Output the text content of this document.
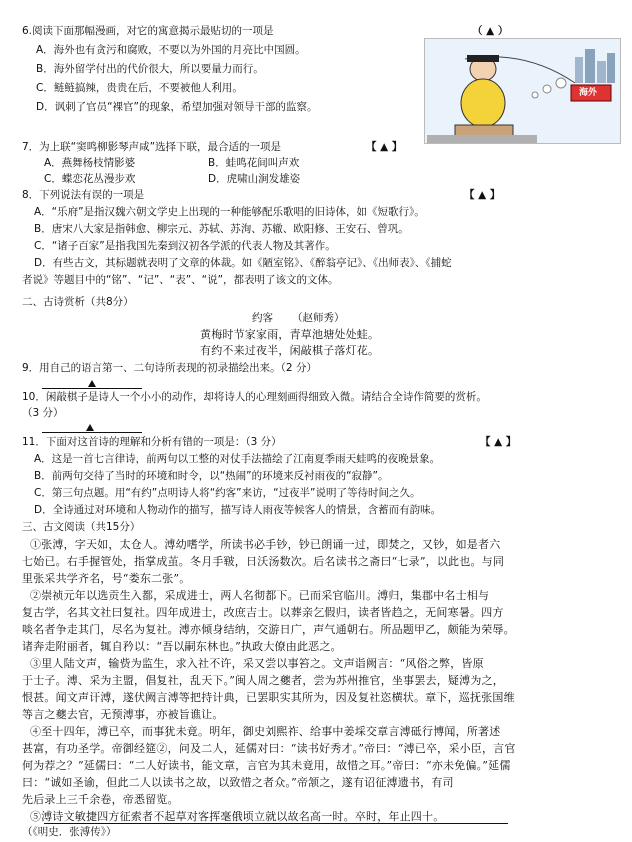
6.阅读下面那幅漫画，对它的寓意揭示最贴切的一项是	（ ▲ ）
A．海外也有贪污和腐败，不要以为外国的月亮比中国圆。
B．海外留学付出的代价很大，所以要量力而行。
C．鲢鲢搞辣，贵贵在后，不要被他人利用。
D．讽刺了官员“裸官”的现象，希望加强对领导干部的监察。
海外
7．为上联“窦鸣柳影琴声咸”选择下联，最合适的一项是	【 ▲ 】
A．燕舞杨枝情影婆	B．蛙鸣花间叫声欢
C．蝶恋花丛漫步欢	D．虎啸山涧发雄姿
8．下列说法有误的一项是	【 ▲ 】
A．“乐府”是指汉魏六朝文学史上出现的一种能够配乐歌唱的旧诗体，如《短歌行》。
B．唐宋八大家是指韩愈、柳宗元、苏轼、苏洵、苏辙、欧阳修、王安石、曾巩。
C．“诸子百家”是指我国先秦到汉初各学派的代表人物及其著作。
D．有些古文，其标题就表明了文章的体裁。如《陋室铭》、《醉翁亭记》、《出师表》、《捕蛇
者说》等题目中的“铭”、“记”、“表”、“说”，都表明了该文的文体。
二、古诗赏析（共8分）
约客 （赵师秀）
黄梅时节家家雨，青草池塘处处蛙。
有约不来过夜半，闲敲棋子落灯花。
9．用自己的语言第一、二句诗所表现的初录描绘出来。（2 分）
10．闲敲棋子是诗人一个小小的动作，却将诗人的心理刻画得细致入微。请结合全诗作简要的赏析。
（3 分）
11．下面对这首诗的理解和分析有错的一项是：（3 分）	【 ▲ 】
A．这是一首七言律诗，前两句以工整的对仗手法描绘了江南夏季雨天蛙鸣的夜晚景象。
B．前两句交待了当时的环境和时令，以“热闹”的环境来反衬雨夜的“寂静”。
C．第三句点题。用“有约”点明诗人将“约客”来访，“过夜半”说明了等待时间之久。
D．全诗通过对环境和人物动作的描写，描写诗人雨夜等候客人的情景，含蓄而有韵味。
三、古文阅读（共15分）
①张溥，字天如，太仓人。溥幼嗜学，所读书必手钞，钞已朗诵一过，即焚之，又钞，如是者六
七始已。右手握管处，指掌成茧。冬月手皲，日沃汤数次。后名读书之斋曰“七录”，以此也。与同
里张采共学齐名，号“娄东二张”。
②崇祯元年以选贡生入都，采成进士，两人名彻都下。已而采官临川。溥归，集郡中名士相与
复古学，名其文社曰复社。四年成进士，改庶吉士。以葬亲乞假归，读者皆趋之，无间寒暑。四方
啖名者争走其门，尽名为复社。溥亦倾身结纳，交游日广，声气通朝右。所品题甲乙，颇能为荣辱。
诸奔走附丽者，辄自矜以：“吾以嗣东林也。”执政大僚由此恶之。
③里人陆文声，输赀为监生，求入社不许，采又尝以事笞之。文声诣阙言：“风俗之弊，皆原
于士子。溥、采为主盟，倡复社，乱天下。”闽人周之夔者，尝为苏州推官，坐事罢去，疑溥为之，
恨甚。闻文声讦溥，遂伏阙言溥等把持计典，已罢职实其所为，因及复社恣横状。章下，巡抚张国维
等言之夔去官，无预溥事，亦被旨谯让。
④至十四年，溥已卒，而事犹未竟。明年，御史刘熙祚、给事中姜埰交章言溥砥行博闻，所著述
甚富，有功圣学。帝御经筵②，问及二人，延儒对曰：“读书好秀才。”帝曰：“溥已卒，采小臣，言官
何为荐之？”延儒曰：“二人好读书，能文章，言官为其未竟用，故惜之耳。”帝曰：“亦未免偏。”延儒
曰：“诚如圣谕，但此二人以读书之故，以致惜之者众。”帝颔之，遂有诏征溥遗书，有司
先后录上三千余卷，帝悉留览。
⑤溥诗文敏捷四方征索者不起草对客挥毫俄顷立就以故名高一时。卒时，年止四十。
（《明史．张溥传》）
